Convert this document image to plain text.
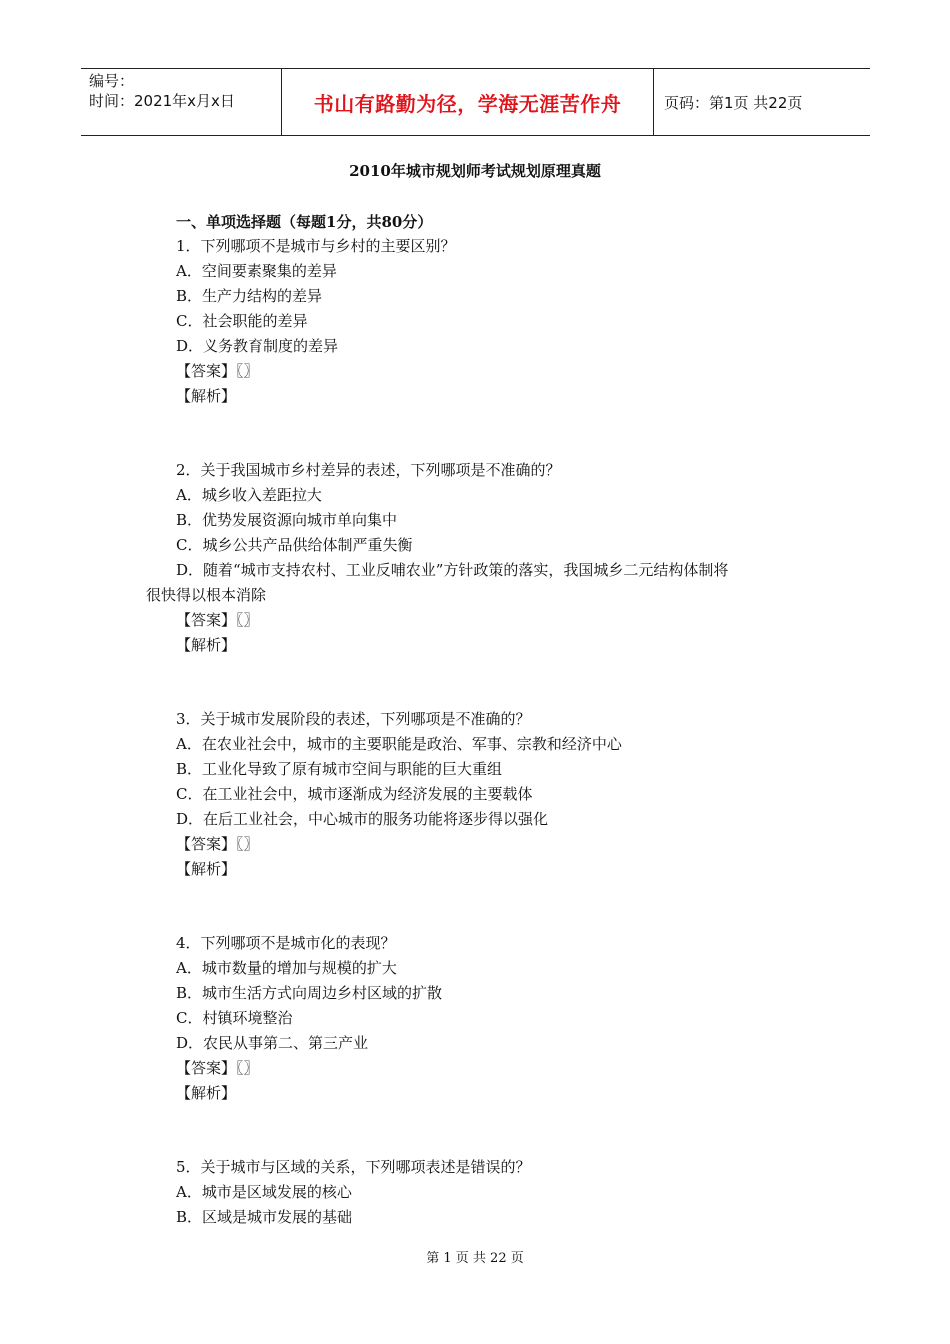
编号：
时间：2021年x月x日	书山有路勤为径，学海无涯苦作舟	页码：第1页 共22页
2010年城市规划师考试规划原理真题
一、单项选择题（每题1分，共80分）
1．下列哪项不是城市与乡村的主要区别？
A．空间要素聚集的差异
B．生产力结构的差异
C．社会职能的差异
D．义务教育制度的差异
【答案】〖〗
【解析】
2．关于我国城市乡村差异的表述，下列哪项是不准确的？
A．城乡收入差距拉大
B．优势发展资源向城市单向集中
C．城乡公共产品供给体制严重失衡
D．随着“城市支持农村、工业反哺农业”方针政策的落实，我国城乡二元结构体制将
很快得以根本消除
【答案】〖〗
【解析】
3．关于城市发展阶段的表述，下列哪项是不准确的？
A．在农业社会中，城市的主要职能是政治、军事、宗教和经济中心
B．工业化导致了原有城市空间与职能的巨大重组
C．在工业社会中，城市逐渐成为经济发展的主要载体
D．在后工业社会，中心城市的服务功能将逐步得以强化
【答案】〖〗
【解析】
4．下列哪项不是城市化的表现？
A．城市数量的增加与规模的扩大
B．城市生活方式向周边乡村区域的扩散
C．村镇环境整治
D．农民从事第二、第三产业
【答案】〖〗
【解析】
5．关于城市与区域的关系，下列哪项表述是错误的？
A．城市是区域发展的核心
B．区域是城市发展的基础
第 1 页 共 22 页
